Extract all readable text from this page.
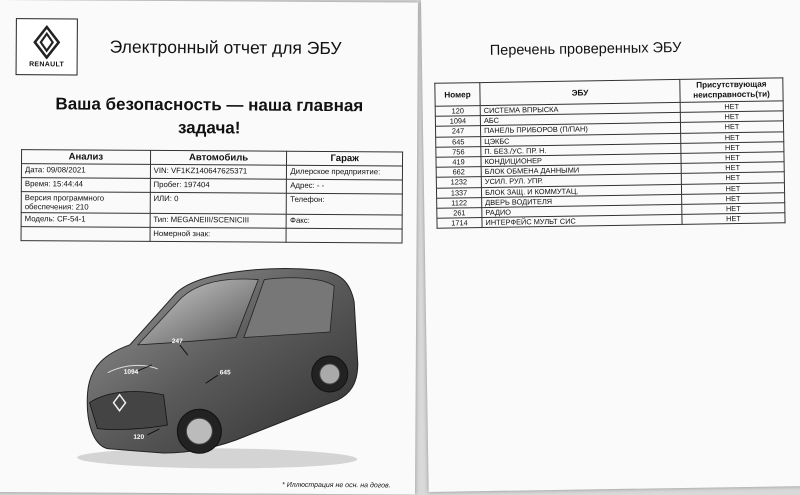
RENAULT
Электронный отчет для ЭБУ
Ваша безопасность — наша главная задача!
Анализ	Автомобиль	Гараж
Дата: 09/08/2021	VIN: VF1KZ140647625371	Дилерское предприятие:
Время: 15:44:44	Пробег: 197404	Адрес: - -
Версия программного обеспечения: 210	ИЛИ: 0	Телефон:
Модель: CF-54-1	Тип: MEGANEIII/SCENICIII	Факс:
	Номерной знак:	
247
1094	645
120
* Иллюстрация не осн. на догов.
Перечень проверенных ЭБУ
Номер	ЭБУ	Присутствующая неисправность(ти)
120	СИСТЕМА ВПРЫСКА	НЕТ
1094	АБС	НЕТ
247	ПАНЕЛЬ ПРИБОРОВ (П/ПАН)	НЕТ
645	ЦЭКБС	НЕТ
756	П. БЕЗ./УС. ПР. Н.	НЕТ
419	КОНДИЦИОНЕР	НЕТ
662	БЛОК ОБМЕНА ДАННЫМИ	НЕТ
1232	УСИЛ. РУЛ. УПР.	НЕТ
1337	БЛОК ЗАЩ. И КОММУТАЦ.	НЕТ
1122	ДВЕРЬ ВОДИТЕЛЯ	НЕТ
261	РАДИО	НЕТ
1714	ИНТЕРФЕЙС МУЛЬТ СИС	НЕТ
